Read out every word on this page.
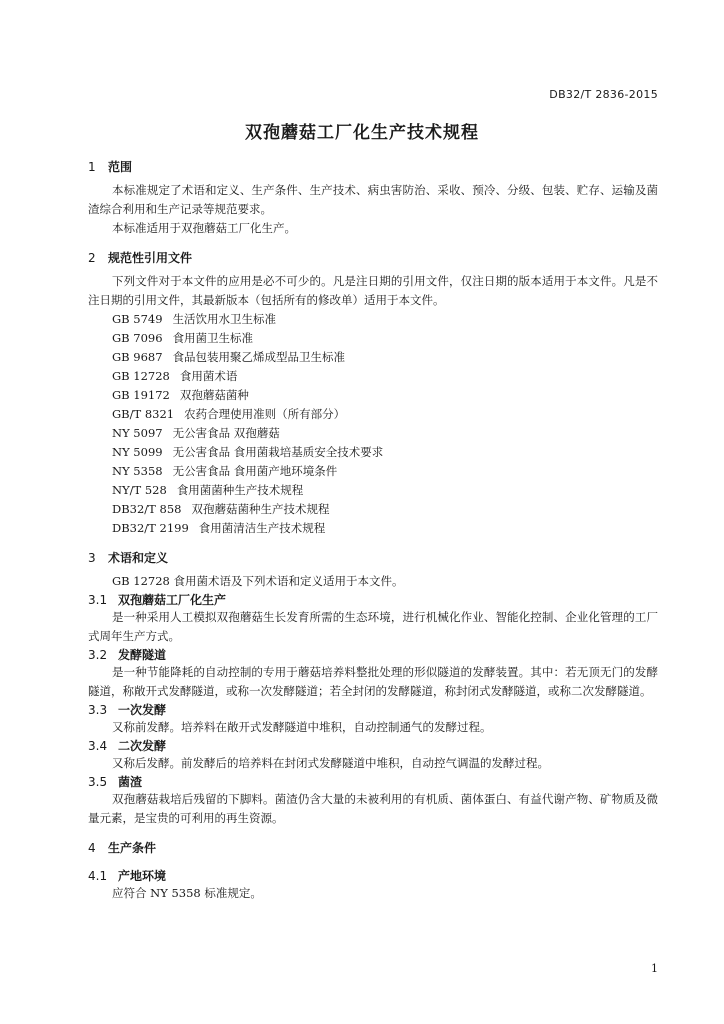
DB32/T 2836-2015
双孢蘑菇工厂化生产技术规程
1 范围

本标准规定了术语和定义、生产条件、生产技术、病虫害防治、采收、预冷、分级、包装、贮存、运输及菌渣综合利用和生产记录等规范要求。

本标准适用于双孢蘑菇工厂化生产。

2 规范性引用文件

下列文件对于本文件的应用是必不可少的。凡是注日期的引用文件，仅注日期的版本适用于本文件。凡是不注日期的引用文件，其最新版本（包括所有的修改单）适用于本文件。

GB 5749 生活饮用水卫生标准

GB 7096 食用菌卫生标准

GB 9687 食品包装用聚乙烯成型品卫生标准

GB 12728 食用菌术语

GB 19172 双孢蘑菇菌种

GB/T 8321 农药合理使用准则（所有部分）

NY 5097 无公害食品 双孢蘑菇

NY 5099 无公害食品 食用菌栽培基质安全技术要求

NY 5358 无公害食品 食用菌产地环境条件

NY/T 528 食用菌菌种生产技术规程

DB32/T 858 双孢蘑菇菌种生产技术规程

DB32/T 2199 食用菌清洁生产技术规程

3 术语和定义

GB 12728 食用菌术语及下列术语和定义适用于本文件。

3.1 双孢蘑菇工厂化生产

是一种采用人工模拟双孢蘑菇生长发育所需的生态环境，进行机械化作业、智能化控制、企业化管理的工厂式周年生产方式。

3.2 发酵隧道

是一种节能降耗的自动控制的专用于蘑菇培养料整批处理的形似隧道的发酵装置。其中：若无顶无门的发酵隧道，称敞开式发酵隧道，或称一次发酵隧道；若全封闭的发酵隧道，称封闭式发酵隧道，或称二次发酵隧道。

3.3 一次发酵

又称前发酵。培养料在敞开式发酵隧道中堆积，自动控制通气的发酵过程。

3.4 二次发酵

又称后发酵。前发酵后的培养料在封闭式发酵隧道中堆积，自动控气调温的发酵过程。

3.5 菌渣

双孢蘑菇栽培后残留的下脚料。菌渣仍含大量的未被利用的有机质、菌体蛋白、有益代谢产物、矿物质及微量元素，是宝贵的可利用的再生资源。

4 生产条件
4.1 产地环境

应符合 NY 5358 标准规定。

1
